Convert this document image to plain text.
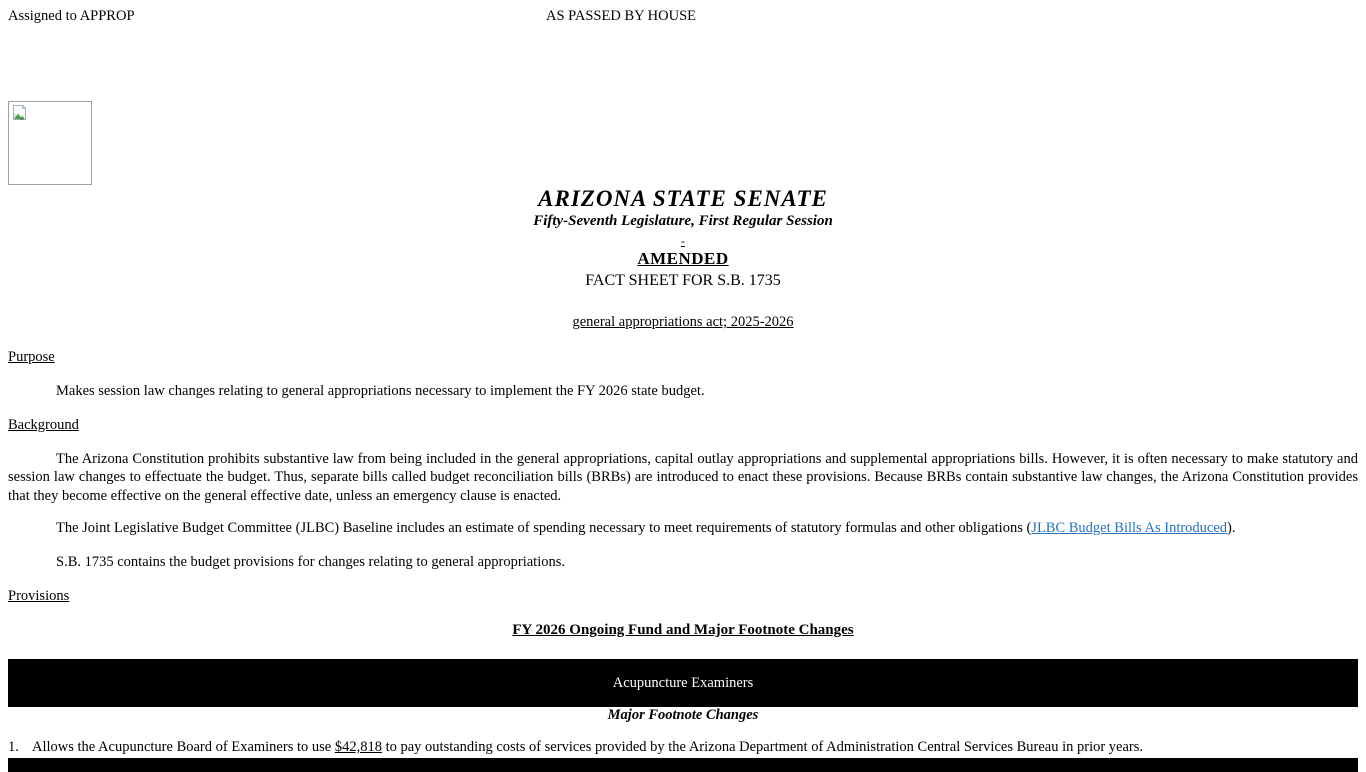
Assigned to APPROP	AS PASSED BY HOUSE
ARIZONA STATE SENATE
Fifty-Seventh Legislature, First Regular Session
-
AMENDED
FACT SHEET FOR S.B. 1735
general appropriations act; 2025-2026
Purpose
Makes session law changes relating to general appropriations necessary to implement the FY 2026 state budget.
Background
The Arizona Constitution prohibits substantive law from being included in the general appropriations, capital outlay appropriations and supplemental appropriations bills. However, it is often necessary to make statutory and session law changes to effectuate the budget. Thus, separate bills called budget reconciliation bills (BRBs) are introduced to enact these provisions. Because BRBs contain substantive law changes, the Arizona Constitution provides that they become effective on the general effective date, unless an emergency clause is enacted.
The Joint Legislative Budget Committee (JLBC) Baseline includes an estimate of spending necessary to meet requirements of statutory formulas and other obligations (JLBC Budget Bills As Introduced).
S.B. 1735 contains the budget provisions for changes relating to general appropriations.
Provisions
FY 2026 Ongoing Fund and Major Footnote Changes
Acupuncture Examiners
Major Footnote Changes
1. Allows the Acupuncture Board of Examiners to use $42,818 to pay outstanding costs of services provided by the Arizona Department of Administration Central Services Bureau in prior years.
